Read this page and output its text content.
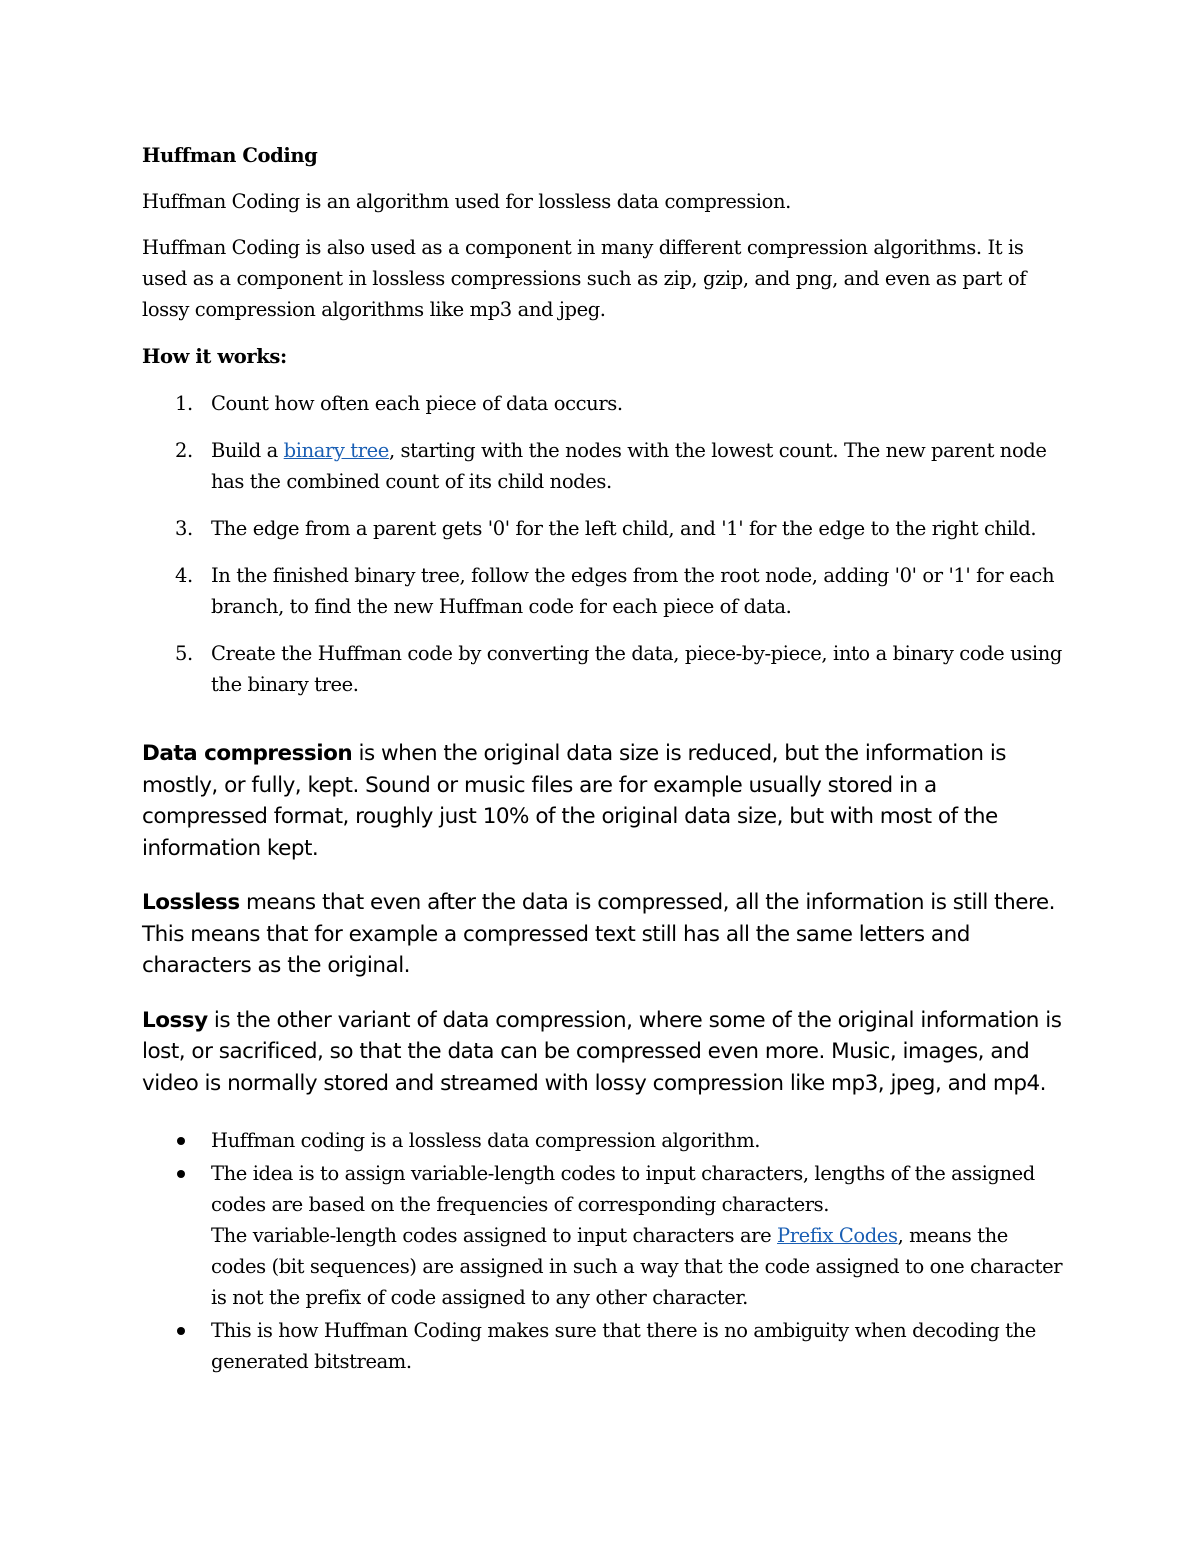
Huffman Coding
Huffman Coding is an algorithm used for lossless data compression.
Huffman Coding is also used as a component in many different compression algorithms. It is used as a component in lossless compressions such as zip, gzip, and png, and even as part of lossy compression algorithms like mp3 and jpeg.
How it works:
1. Count how often each piece of data occurs.
2. Build a binary tree, starting with the nodes with the lowest count. The new parent node has the combined count of its child nodes.
3. The edge from a parent gets '0' for the left child, and '1' for the edge to the right child.
4. In the finished binary tree, follow the edges from the root node, adding '0' or '1' for each branch, to find the new Huffman code for each piece of data.
5. Create the Huffman code by converting the data, piece-by-piece, into a binary code using the binary tree.
Data compression is when the original data size is reduced, but the information is mostly, or fully, kept. Sound or music files are for example usually stored in a compressed format, roughly just 10% of the original data size, but with most of the information kept.
Lossless means that even after the data is compressed, all the information is still there. This means that for example a compressed text still has all the same letters and characters as the original.
Lossy is the other variant of data compression, where some of the original information is lost, or sacrificed, so that the data can be compressed even more. Music, images, and video is normally stored and streamed with lossy compression like mp3, jpeg, and mp4.
Huffman coding is a lossless data compression algorithm.
The idea is to assign variable-length codes to input characters, lengths of the assigned codes are based on the frequencies of corresponding characters.
The variable-length codes assigned to input characters are Prefix Codes, means the codes (bit sequences) are assigned in such a way that the code assigned to one character is not the prefix of code assigned to any other character.
This is how Huffman Coding makes sure that there is no ambiguity when decoding the generated bitstream.
